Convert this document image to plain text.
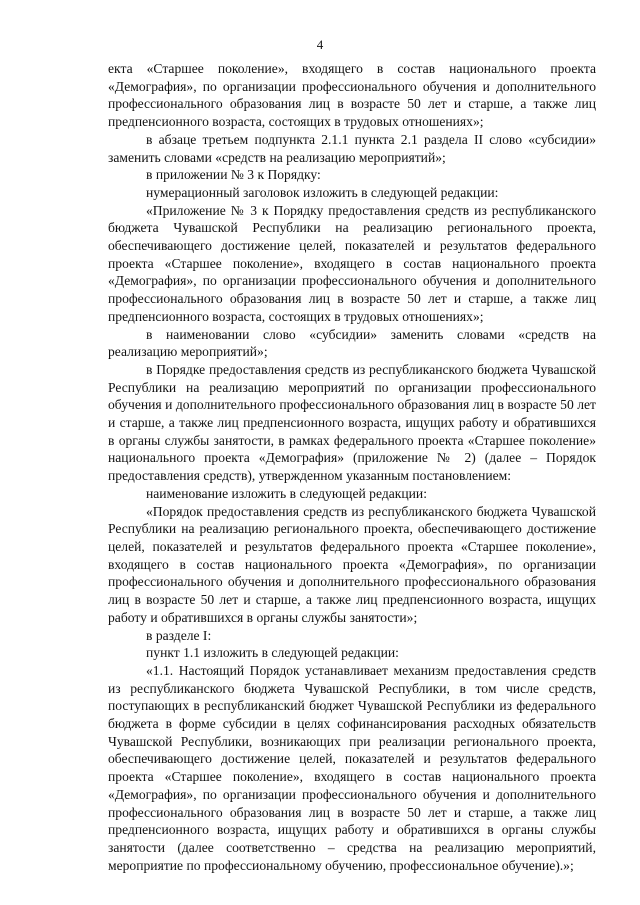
4

екта «Старшее поколение», входящего в состав национального проекта «Демография», по организации профессионального обучения и дополнительного профессионального образования лиц в возрасте 50 лет и старше, а также лиц предпенсионного возраста, состоящих в трудовых отношениях»;

в абзаце третьем подпункта 2.1.1 пункта 2.1 раздела II слово «субсидии» заменить словами «средств на реализацию мероприятий»;

в приложении № 3 к Порядку:

нумерационный заголовок изложить в следующей редакции:

«Приложение № 3 к Порядку предоставления средств из республиканского бюджета Чувашской Республики на реализацию регионального проекта, обеспечивающего достижение целей, показателей и результатов федерального проекта «Старшее поколение», входящего в состав национального проекта «Демография», по организации профессионального обучения и дополнительного профессионального образования лиц в возрасте 50 лет и старше, а также лиц предпенсионного возраста, состоящих в трудовых отношениях»;

в наименовании слово «субсидии» заменить словами «средств на реализацию мероприятий»;

в Порядке предоставления средств из республиканского бюджета Чувашской Республики на реализацию мероприятий по организации профессионального обучения и дополнительного профессионального образования лиц в возрасте 50 лет и старше, а также лиц предпенсионного возраста, ищущих работу и обратившихся в органы службы занятости, в рамках федерального проекта «Старшее поколение» национального проекта «Демография» (приложение № 2) (далее – Порядок предоставления средств), утвержденном указанным постановлением:

наименование изложить в следующей редакции:

«Порядок предоставления средств из республиканского бюджета Чувашской Республики на реализацию регионального проекта, обеспечивающего достижение целей, показателей и результатов федерального проекта «Старшее поколение», входящего в состав национального проекта «Демография», по организации профессионального обучения и дополнительного профессионального образования лиц в возрасте 50 лет и старше, а также лиц предпенсионного возраста, ищущих работу и обратившихся в органы службы занятости»;

в разделе I:

пункт 1.1 изложить в следующей редакции:

«1.1. Настоящий Порядок устанавливает механизм предоставления средств из республиканского бюджета Чувашской Республики, в том числе средств, поступающих в республиканский бюджет Чувашской Республики из федерального бюджета в форме субсидии в целях софинансирования расходных обязательств Чувашской Республики, возникающих при реализации регионального проекта, обеспечивающего достижение целей, показателей и результатов федерального проекта «Старшее поколение», входящего в состав национального проекта «Демография», по организации профессионального обучения и дополнительного профессионального образования лиц в возрасте 50 лет и старше, а также лиц предпенсионного возраста, ищущих работу и обратившихся в органы службы занятости (далее соответственно – средства на реализацию мероприятий, мероприятие по профессиональному обучению, профессиональное обучение).»;
